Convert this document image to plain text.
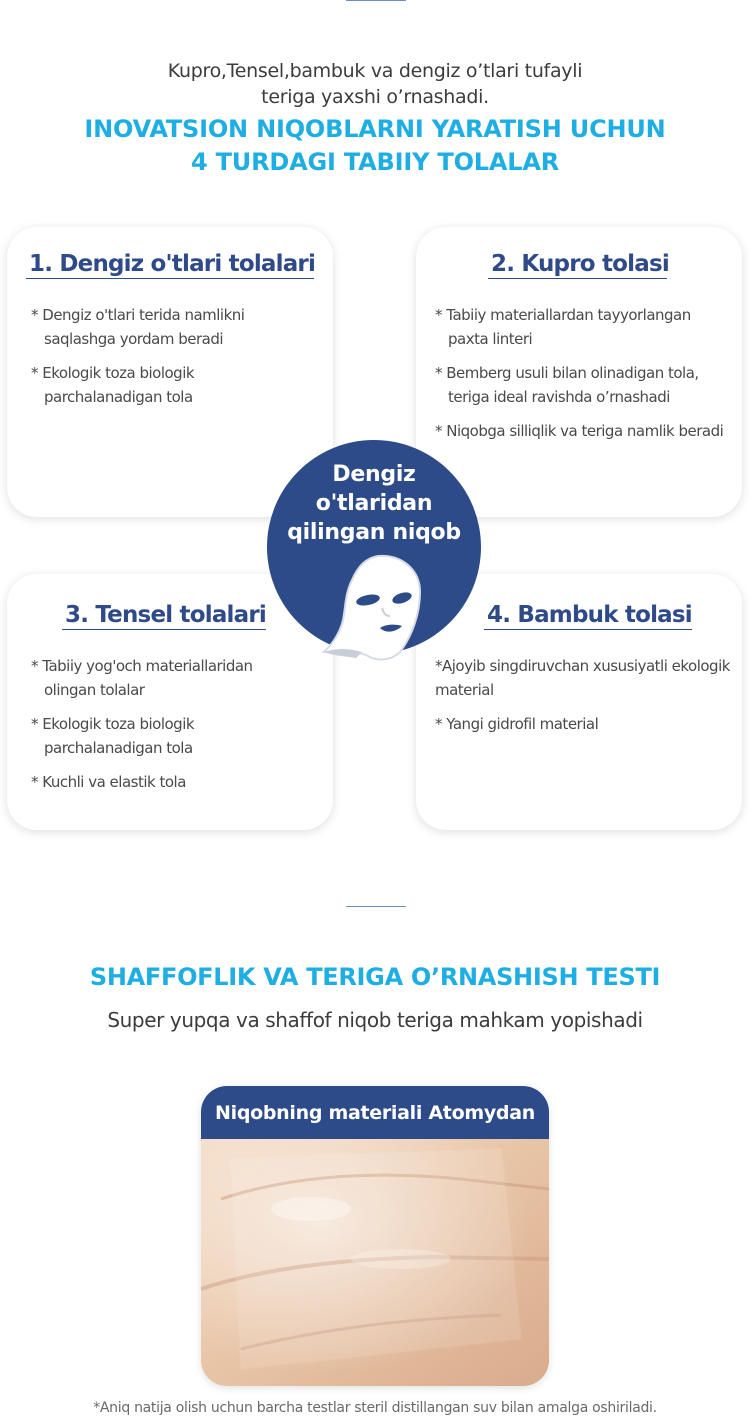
Kupro,Tensel,bambuk va dengiz o’tlari tufayli
teriga yaxshi o’rnashadi.
INOVATSION NIQOBLARNI YARATISH UCHUN
4 TURDAGI TABIIY TOLALAR
1. Dengiz o'tlari tolalari
* Dengiz o'tlari terida namlikni saqlashga yordam beradi
* Ekologik toza biologik parchalanadigan tola
2. Kupro tolasi
* Tabiiy materiallardan tayyorlangan paxta linteri
* Bemberg usuli bilan olinadigan tola, teriga ideal ravishda o’rnashadi
* Niqobga silliqlik va teriga namlik beradi
3. Tensel tolalari
* Tabiiy yog'och materiallaridan olingan tolalar
* Ekologik toza biologik parchalanadigan tola
* Kuchli va elastik tola
4. Bambuk tolasi
*Ajoyib singdiruvchan xususiyatli ekologik material
* Yangi gidrofil material
Dengiz
o'tlaridan
qilingan niqob
SHAFFOFLIK VA TERIGA O’RNASHISH TESTI
Super yupqa va shaffof niqob teriga mahkam yopishadi
Niqobning materiali Atomydan
*Aniq natija olish uchun barcha testlar steril distillangan suv bilan amalga oshiriladi.
